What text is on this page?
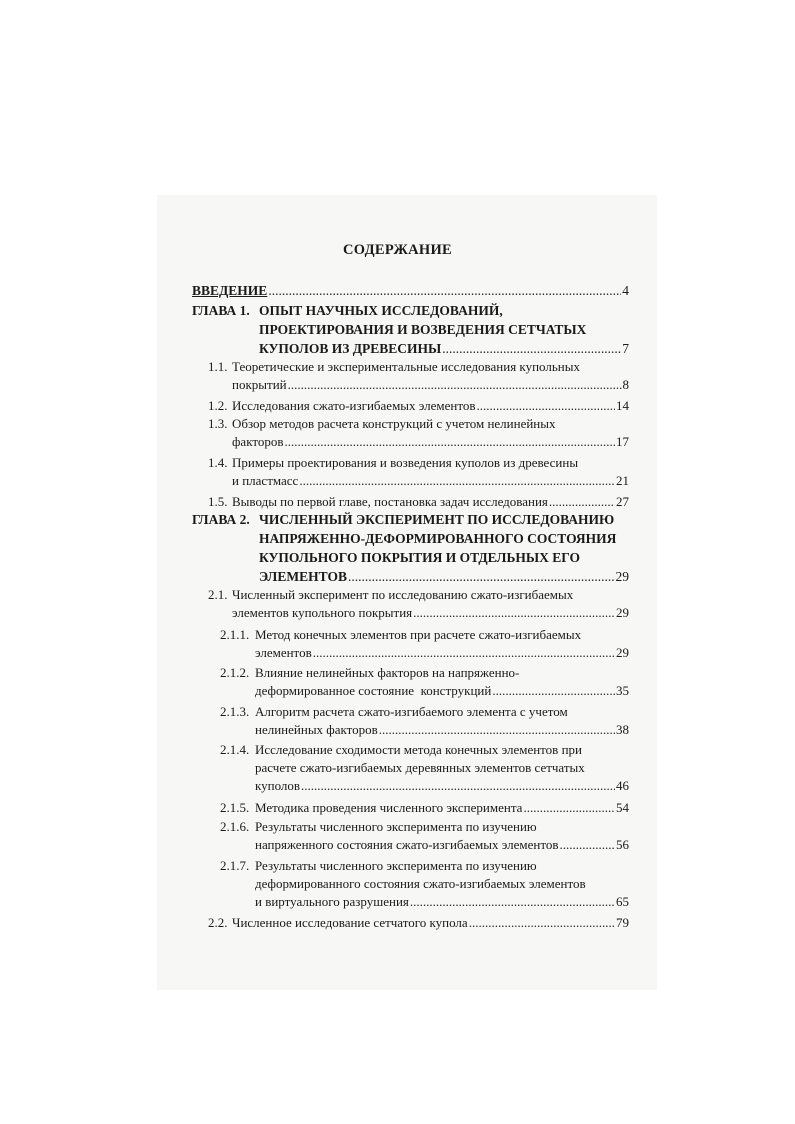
СОДЕРЖАНИЕ
ВВЕДЕНИЕ .....	4
ГЛАВА 1. ОПЫТ НАУЧНЫХ ИССЛЕДОВАНИЙ,
ПРОЕКТИРОВАНИЯ И ВОЗВЕДЕНИЯ СЕТЧАТЫХ
КУПОЛОВ ИЗ ДРЕВЕСИНЫ .....	7
1.1. Теоретические и экспериментальные исследования купольных
покрытий .....	8
1.2. Исследования сжато-изгибаемых элементов .....	14
1.3. Обзор методов расчета конструкций с учетом нелинейных
факторов .....	17
1.4. Примеры проектирования и возведения куполов из древесины
и пластмасс .....	21
1.5. Выводы по первой главе, постановка задач исследования .....	27
ГЛАВА 2. ЧИСЛЕННЫЙ ЭКСПЕРИМЕНТ ПО ИССЛЕДОВАНИЮ
НАПРЯЖЕННО-ДЕФОРМИРОВАННОГО СОСТОЯНИЯ
КУПОЛЬНОГО ПОКРЫТИЯ И ОТДЕЛЬНЫХ ЕГО
ЭЛЕМЕНТОВ .....	29
2.1. Численный эксперимент по исследованию сжато-изгибаемых
элементов купольного покрытия .....	29
2.1.1. Метод конечных элементов при расчете сжато-изгибаемых
элементов .....	29
2.1.2. Влияние нелинейных факторов на напряженно-
деформированное состояние  конструкций .....	35
2.1.3. Алгоритм расчета сжато-изгибаемого элемента с учетом
нелинейных факторов .....	38
2.1.4. Исследование сходимости метода конечных элементов при
расчете сжато-изгибаемых деревянных элементов сетчатых
куполов .....	46
2.1.5. Методика проведения численного эксперимента .....	54
2.1.6. Результаты численного эксперимента по изучению
напряженного состояния сжато-изгибаемых элементов .....	56
2.1.7. Результаты численного эксперимента по изучению
деформированного состояния сжато-изгибаемых элементов
и виртуального разрушения .....	65
2.2. Численное исследование сетчатого купола .....	79
